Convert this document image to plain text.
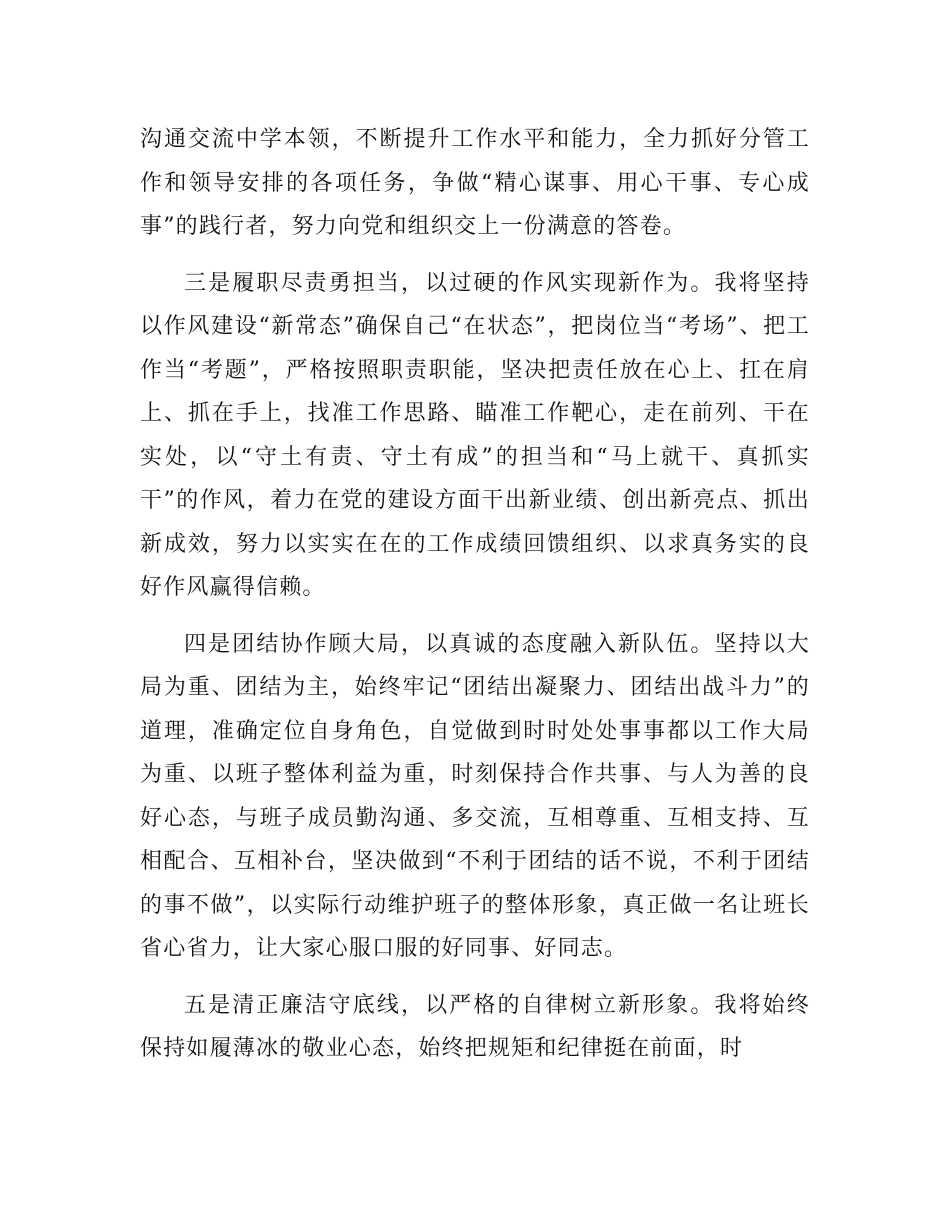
沟通交流中学本领，不断提升工作水平和能力，全力抓好分管工作和领导安排的各项任务，争做“精心谋事、用心干事、专心成事”的践行者，努力向党和组织交上一份满意的答卷。

三是履职尽责勇担当，以过硬的作风实现新作为。我将坚持以作风建设“新常态”确保自己“在状态”，把岗位当“考场”、把工作当“考题”，严格按照职责职能，坚决把责任放在心上、扛在肩上、抓在手上，找准工作思路、瞄准工作靶心，走在前列、干在实处，以“守土有责、守土有成”的担当和“马上就干、真抓实干”的作风，着力在党的建设方面干出新业绩、创出新亮点、抓出新成效，努力以实实在在的工作成绩回馈组织、以求真务实的良好作风赢得信赖。

四是团结协作顾大局，以真诚的态度融入新队伍。坚持以大局为重、团结为主，始终牢记“团结出凝聚力、团结出战斗力”的道理，准确定位自身角色，自觉做到时时处处事事都以工作大局为重、以班子整体利益为重，时刻保持合作共事、与人为善的良好心态，与班子成员勤沟通、多交流，互相尊重、互相支持、互相配合、互相补台，坚决做到“不利于团结的话不说，不利于团结的事不做”，以实际行动维护班子的整体形象，真正做一名让班长省心省力，让大家心服口服的好同事、好同志。

五是清正廉洁守底线，以严格的自律树立新形象。我将始终保持如履薄冰的敬业心态，始终把规矩和纪律挺在前面，时
